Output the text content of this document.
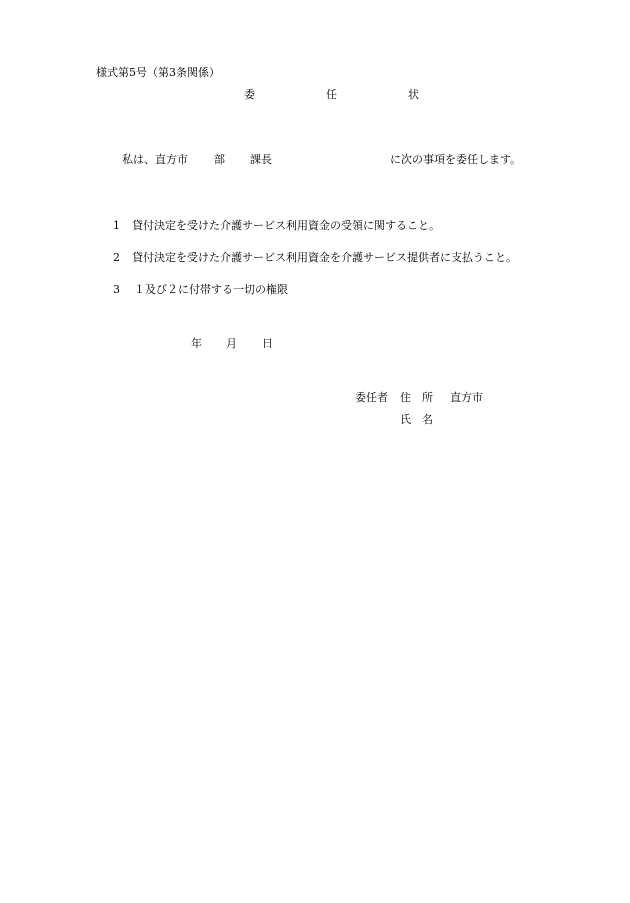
様式第5号（第3条関係）
委	任	状
私は、直方市 部 課長	に次の事項を委任します。
1 貸付決定を受けた介護サービス利用資金の受領に関すること。
2 貸付決定を受けた介護サービス利用資金を介護サービス提供者に支払うこと。
3 １及び２に付帯する一切の権限
年 月 日
委任者 住　所 直方市
氏　名
